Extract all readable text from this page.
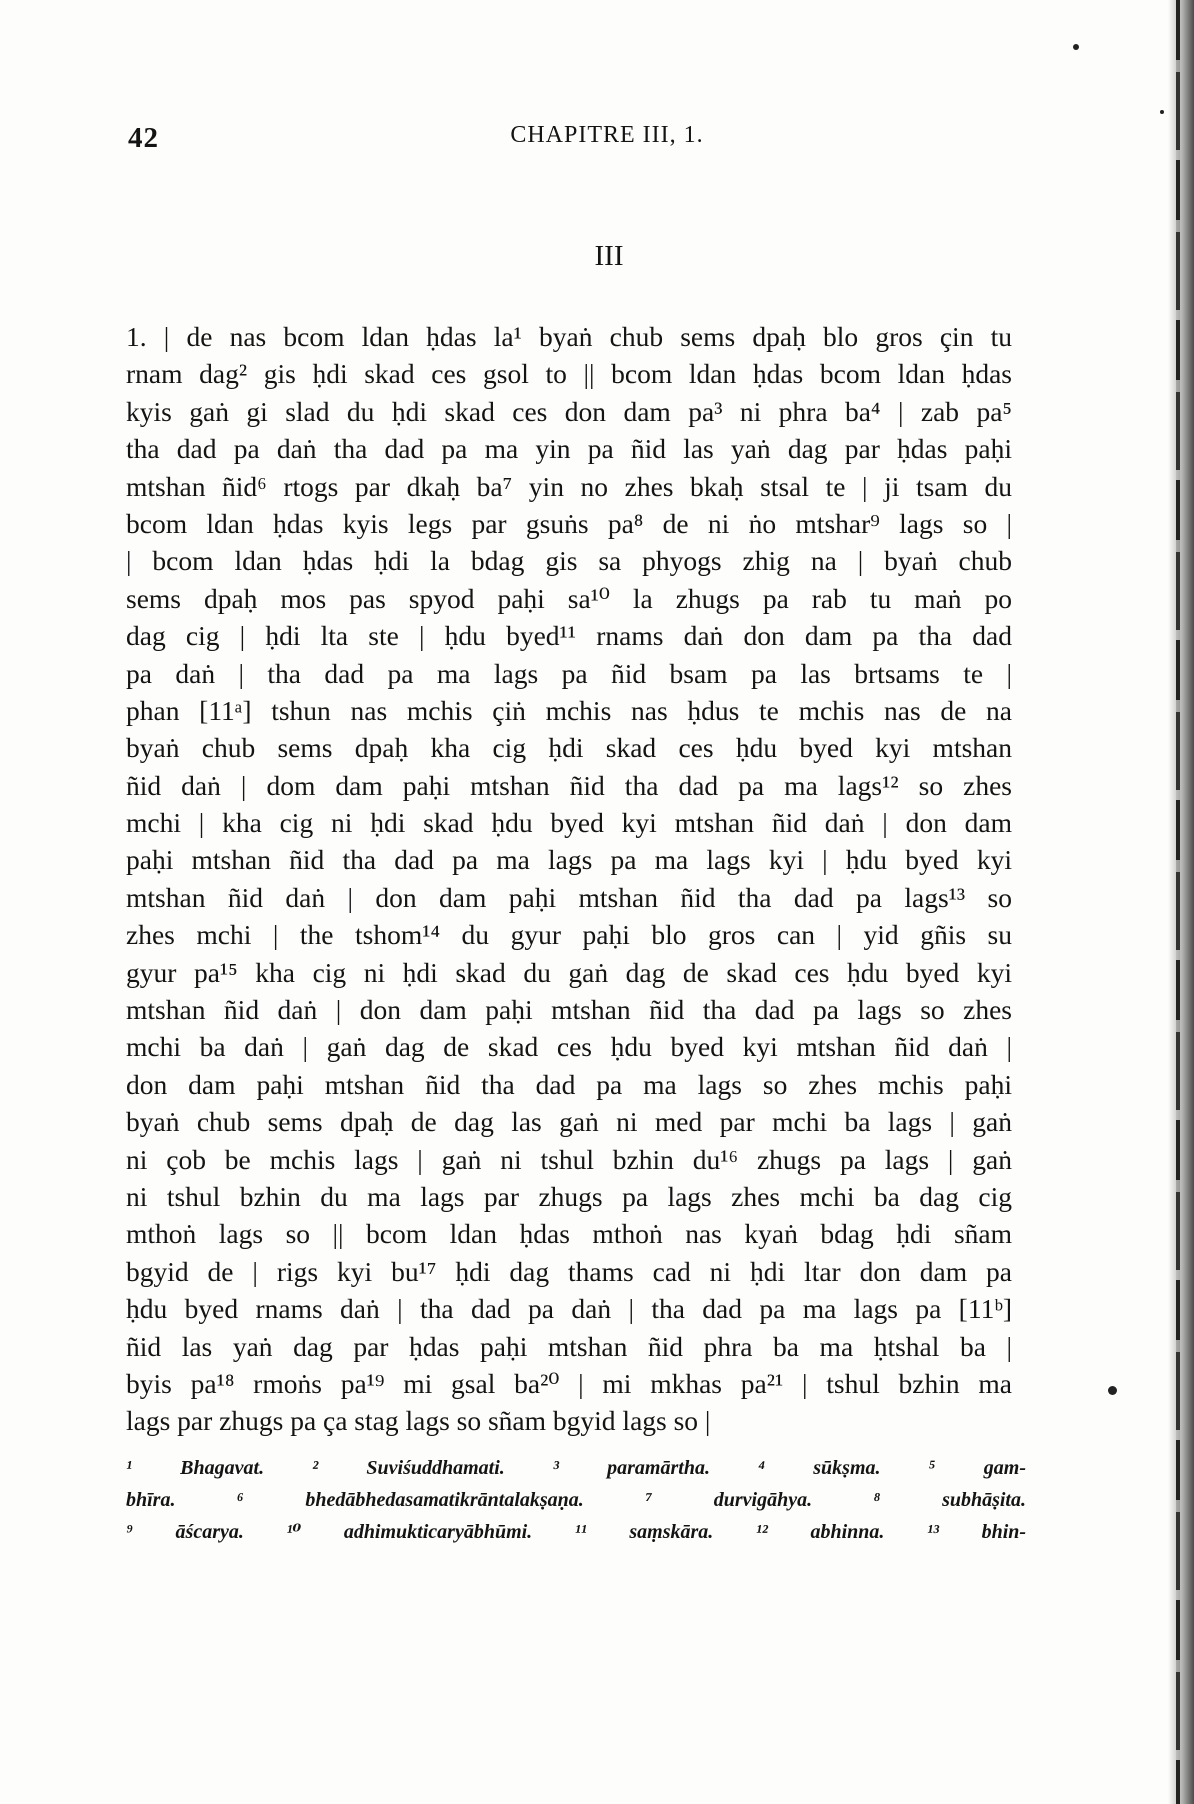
42	CHAPITRE III, 1.
III
1. | de nas bcom ldan ḥdas la¹ byaṅ chub sems dpaḥ blo gros çin tu
rnam dag² gis ḥdi skad ces gsol to || bcom ldan ḥdas bcom ldan ḥdas
kyis gaṅ gi slad du ḥdi skad ces don dam pa³ ni phra ba⁴ | zab pa⁵
tha dad pa daṅ tha dad pa ma yin pa ñid las yaṅ dag par ḥdas paḥi
mtshan ñid⁶ rtogs par dkaḥ ba⁷ yin no zhes bkaḥ stsal te | ji tsam du
bcom ldan ḥdas kyis legs par gsuṅs pa⁸ de ni ṅo mtshar⁹ lags so |
| bcom ldan ḥdas ḥdi la bdag gis sa phyogs zhig na | byaṅ chub
sems dpaḥ mos pas spyod paḥi sa¹⁰ la zhugs pa rab tu maṅ po
dag cig | ḥdi lta ste | ḥdu byed¹¹ rnams daṅ don dam pa tha dad
pa daṅ | tha dad pa ma lags pa ñid bsam pa las brtsams te |
phan [11ᵃ] tshun nas mchis çiṅ mchis nas ḥdus te mchis nas de na
byaṅ chub sems dpaḥ kha cig ḥdi skad ces ḥdu byed kyi mtshan
ñid daṅ | dom dam paḥi mtshan ñid tha dad pa ma lags¹² so zhes
mchi | kha cig ni ḥdi skad ḥdu byed kyi mtshan ñid daṅ | don dam
paḥi mtshan ñid tha dad pa ma lags pa ma lags kyi | ḥdu byed kyi
mtshan ñid daṅ | don dam paḥi mtshan ñid tha dad pa lags¹³ so
zhes mchi | the tshom¹⁴ du gyur paḥi blo gros can | yid gñis su
gyur pa¹⁵ kha cig ni ḥdi skad du gaṅ dag de skad ces ḥdu byed kyi
mtshan ñid daṅ | don dam paḥi mtshan ñid tha dad pa lags so zhes
mchi ba daṅ | gaṅ dag de skad ces ḥdu byed kyi mtshan ñid daṅ |
don dam paḥi mtshan ñid tha dad pa ma lags so zhes mchis paḥi
byaṅ chub sems dpaḥ de dag las gaṅ ni med par mchi ba lags | gaṅ
ni çob be mchis lags | gaṅ ni tshul bzhin du¹⁶ zhugs pa lags | gaṅ
ni tshul bzhin du ma lags par zhugs pa lags zhes mchi ba dag cig
mthoṅ lags so || bcom ldan ḥdas mthoṅ nas kyaṅ bdag ḥdi sñam
bgyid de | rigs kyi bu¹⁷ ḥdi dag thams cad ni ḥdi ltar don dam pa
ḥdu byed rnams daṅ | tha dad pa daṅ | tha dad pa ma lags pa [11ᵇ]
ñid las yaṅ dag par ḥdas paḥi mtshan ñid phra ba ma ḥtshal ba |
byis pa¹⁸ rmoṅs pa¹⁹ mi gsal ba²⁰ | mi mkhas pa²¹ | tshul bzhin ma
lags par zhugs pa ça stag lags so sñam bgyid lags so |
¹ Bhagavat. ² Suviśuddhamati. ³ paramārtha. ⁴ sūkṣma. ⁵ gam-
bhīra.	⁶ bhedābhedasamatikrāntalakṣaṇa.	⁷ durvigāhya.	⁸ subhāṣita.
⁹ āścarya. ¹⁰ adhimukticaryābhūmi. ¹¹ saṃskāra. ¹² abhinna. ¹³ bhin-
